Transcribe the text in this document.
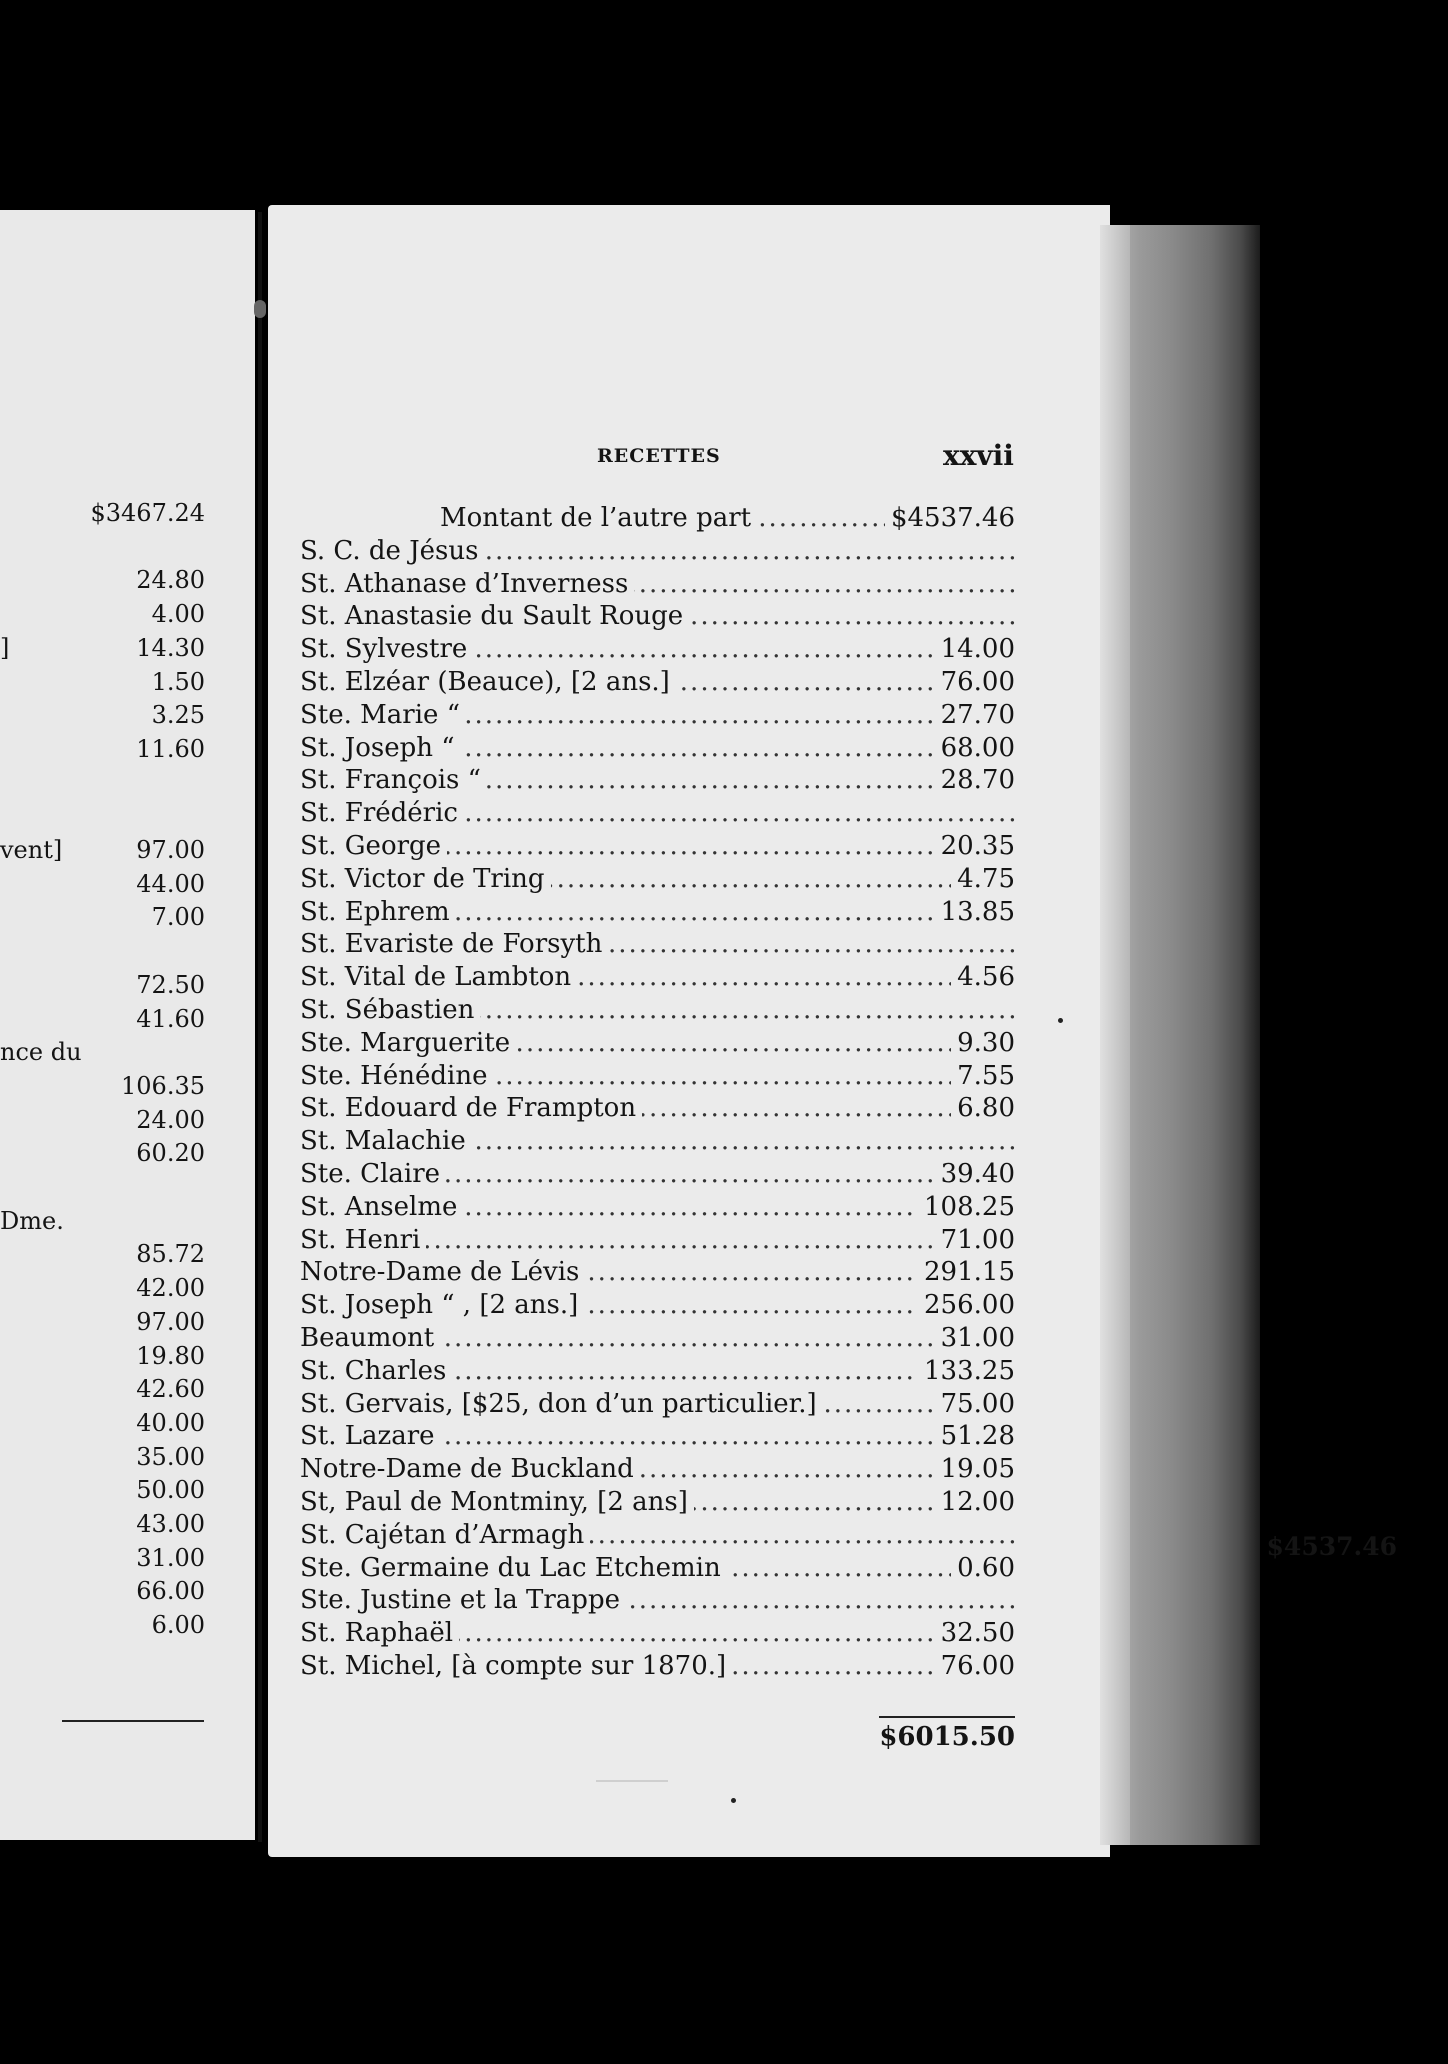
$3467.24
24.80
4.00
]	14.30
1.50
3.25
11.60
vent]	97.00
44.00
7.00
72.50
41.60
nce du
106.35
24.00
60.20
Dme.
85.72
42.00
97.00
19.80
42.60
40.00
35.00
50.00
43.00
31.00
66.00
6.00
$4537.46
RECETTES	xxvii
..... Montant de l’autre part	$4537.46
..... S. C. de Jésus
..... St. Athanase d’Inverness
..... St. Anastasie du Sault Rouge
..... St. Sylvestre	14.00
..... St. Elzéar (Beauce), [2 ans.]	76.00
..... Ste. Marie “	27.70
..... St. Joseph “	68.00
..... St. François “	28.70
..... St. Frédéric
..... St. George	20.35
..... St. Victor de Tring	4.75
..... St. Ephrem	13.85
..... St. Evariste de Forsyth
..... St. Vital de Lambton	4.56
..... St. Sébastien
..... Ste. Marguerite	9.30
..... Ste. Hénédine	7.55
..... St. Edouard de Frampton	6.80
..... St. Malachie
..... Ste. Claire	39.40
..... St. Anselme	108.25
..... St. Henri	71.00
..... Notre-Dame de Lévis	291.15
..... St. Joseph “ , [2 ans.]	256.00
..... Beaumont	31.00
..... St. Charles	133.25
..... St. Gervais, [$25, don d’un particulier.]	75.00
..... St. Lazare	51.28
..... Notre-Dame de Buckland	19.05
..... St, Paul de Montminy, [2 ans]	12.00
..... St. Cajétan d’Armagh
..... Ste. Germaine du Lac Etchemin	0.60
..... Ste. Justine et la Trappe
..... St. Raphaël	32.50
..... St. Michel, [à compte sur 1870.]	76.00
$6015.50
